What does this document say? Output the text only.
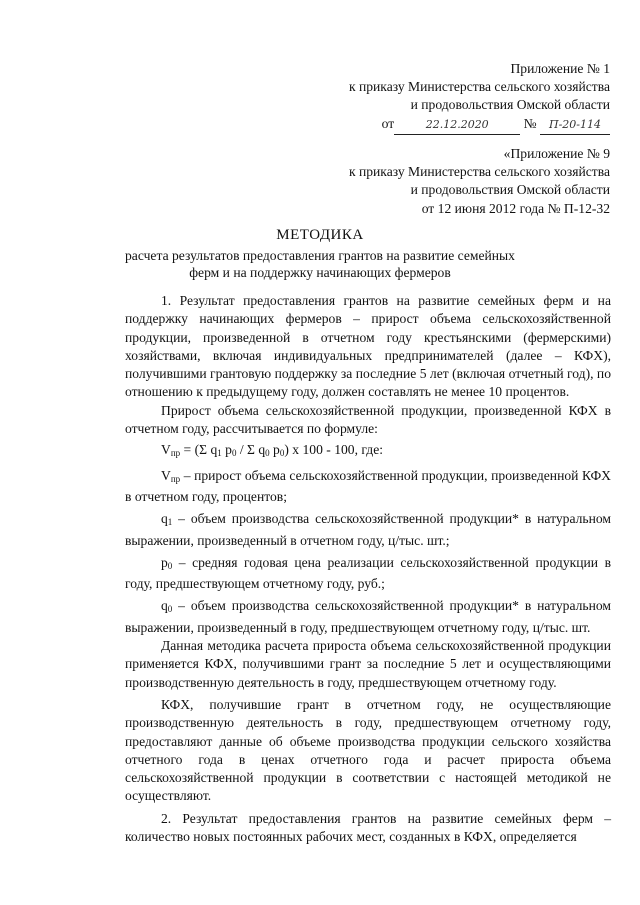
Приложение № 1
к приказу Министерства сельского хозяйства
и продовольствия Омской области
от	22.12.2020	№ П-20-114
«Приложение № 9
к приказу Министерства сельского хозяйства
и продовольствия Омской области
от 12 июня 2012 года № П-12-32
МЕТОДИКА
расчета результатов предоставления грантов на развитие семейных
ферм и на поддержку начинающих фермеров

1. Результат предоставления грантов на развитие семейных ферм и на поддержку начинающих фермеров – прирост объема сельскохозяйственной продукции, произведенной в отчетном году крестьянскими (фермерскими) хозяйствами, включая индивидуальных предпринимателей (далее – КФХ), получившими грантовую поддержку за последние 5 лет (включая отчетный год), по отношению к предыдущему году, должен составлять не менее 10 процентов.

Прирост объема сельскохозяйственной продукции, произведенной КФХ в отчетном году, рассчитывается по формуле:

$V_{пр} = (\Sigma$ $q_1$ $p_0$ / Σ $q_0$ $p_0$) x 100 - 100, где:

$V_{пр}$ – прирост объема сельскохозяйственной продукции, произведенной КФХ в отчетном году, процентов;

$q_1$ – объем производства сельскохозяйственной продукции* в натуральном выражении, произведенный в отчетном году, ц/тыс. шт.;

$p_0$ – средняя годовая цена реализации сельскохозяйственной продукции в году, предшествующем отчетному году, руб.;

$q_0$ – объем производства сельскохозяйственной продукции* в натуральном выражении, произведенный в году, предшествующем отчетному году, ц/тыс. шт.

Данная методика расчета прироста объема сельскохозяйственной продукции применяется КФХ, получившими грант за последние 5 лет и осуществляющими производственную деятельность в году, предшествующем отчетному году.

КФХ, получившие грант в отчетном году, не осуществляющие производственную деятельность в году, предшествующем отчетному году, предоставляют данные об объеме производства продукции сельского хозяйства отчетного года в ценах отчетного года и расчет прироста объема сельскохозяйственной продукции в соответствии с настоящей методикой не осуществляют.

2. Результат предоставления грантов на развитие семейных ферм – количество новых постоянных рабочих мест, созданных в КФХ, определяется
